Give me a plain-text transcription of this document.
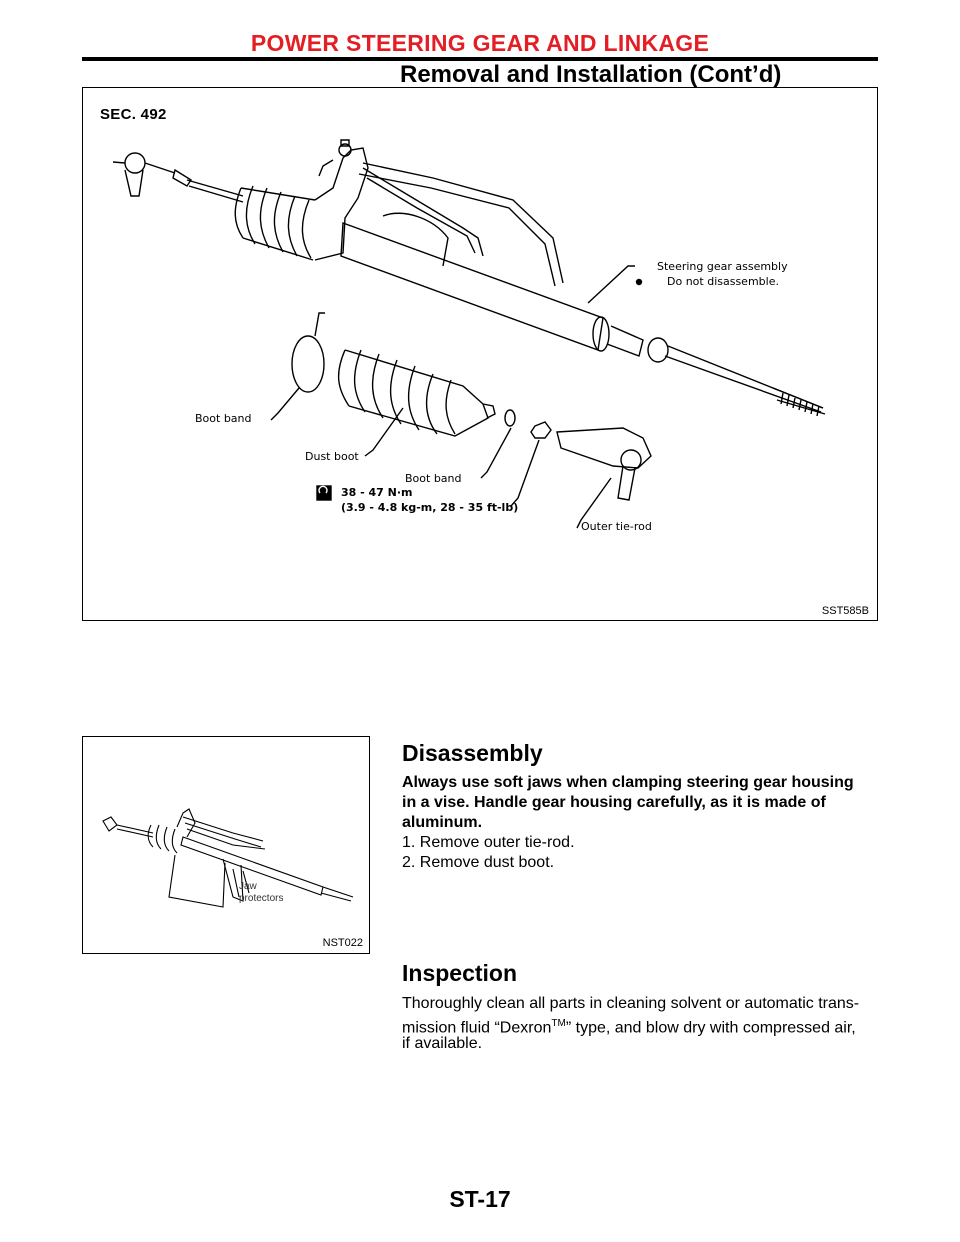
POWER STEERING GEAR AND LINKAGE
Removal and Installation (Cont’d)
SEC. 492
Steering gear assembly
Do not disassemble.
Boot band
Dust boot
Boot band
38 - 47 N·m
(3.9 - 4.8 kg-m, 28 - 35 ft-lb)
Outer tie-rod
SST585B
Jaw
protectors
NST022
Disassembly
Always use soft jaws when clamping steering gear housing
in a vise. Handle gear housing carefully, as it is made of
aluminum.
1. Remove outer tie-rod.
2. Remove dust boot.
Inspection
Thoroughly clean all parts in cleaning solvent or automatic trans-
mission fluid “Dexron™” type, and blow dry with compressed air,
if available.
ST-17
